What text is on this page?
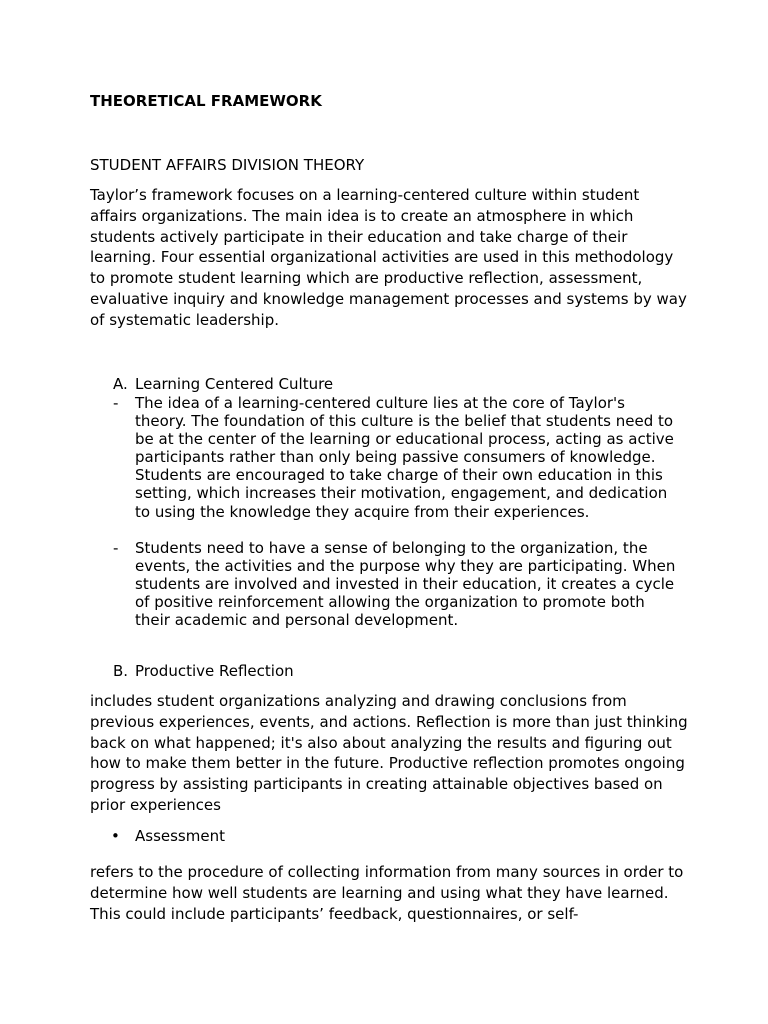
THEORETICAL FRAMEWORK
STUDENT AFFAIRS DIVISION THEORY
Taylor’s framework focuses on a learning-centered culture within student affairs organizations. The main idea is to create an atmosphere in which students actively participate in their education and take charge of their learning. Four essential organizational activities are used in this methodology to promote student learning which are productive reflection, assessment, evaluative inquiry and knowledge management processes and systems by way of systematic leadership.
A. Learning Centered Culture
- The idea of a learning-centered culture lies at the core of Taylor's theory. The foundation of this culture is the belief that students need to be at the center of the learning or educational process, acting as active participants rather than only being passive consumers of knowledge. Students are encouraged to take charge of their own education in this setting, which increases their motivation, engagement, and dedication to using the knowledge they acquire from their experiences.
- Students need to have a sense of belonging to the organization, the events, the activities and the purpose why they are participating. When students are involved and invested in their education, it creates a cycle of positive reinforcement allowing the organization to promote both their academic and personal development.
B. Productive Reflection
includes student organizations analyzing and drawing conclusions from previous experiences, events, and actions. Reflection is more than just thinking back on what happened; it's also about analyzing the results and figuring out how to make them better in the future. Productive reflection promotes ongoing progress by assisting participants in creating attainable objectives based on prior experiences
• Assessment
refers to the procedure of collecting information from many sources in order to determine how well students are learning and using what they have learned. This could include participants’ feedback, questionnaires, or self-
